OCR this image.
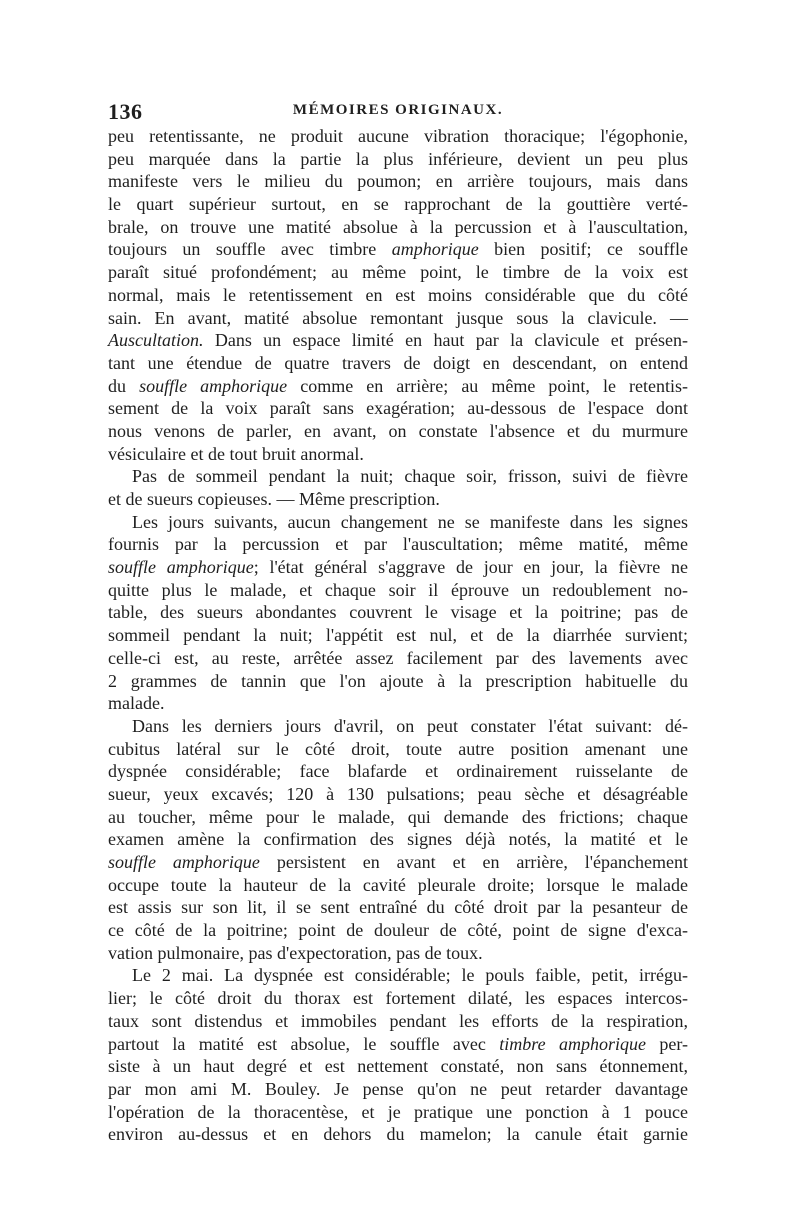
136	MÉMOIRES ORIGINAUX.
peu retentissante, ne produit aucune vibration thoracique; l'égophonie,
peu marquée dans la partie la plus inférieure, devient un peu plus
manifeste vers le milieu du poumon; en arrière toujours, mais dans
le quart supérieur surtout, en se rapprochant de la gouttière verté-
brale, on trouve une matité absolue à la percussion et à l'auscultation,
toujours un souffle avec timbre amphorique bien positif; ce souffle
paraît situé profondément; au même point, le timbre de la voix est
normal, mais le retentissement en est moins considérable que du côté
sain. En avant, matité absolue remontant jusque sous la clavicule. —
Auscultation. Dans un espace limité en haut par la clavicule et présen-
tant une étendue de quatre travers de doigt en descendant, on entend
du souffle amphorique comme en arrière; au même point, le retentis-
sement de la voix paraît sans exagération; au-dessous de l'espace dont
nous venons de parler, en avant, on constate l'absence et du murmure
vésiculaire et de tout bruit anormal.
Pas de sommeil pendant la nuit; chaque soir, frisson, suivi de fièvre
et de sueurs copieuses. — Même prescription.
Les jours suivants, aucun changement ne se manifeste dans les signes
fournis par la percussion et par l'auscultation; même matité, même
souffle amphorique; l'état général s'aggrave de jour en jour, la fièvre ne
quitte plus le malade, et chaque soir il éprouve un redoublement no-
table, des sueurs abondantes couvrent le visage et la poitrine; pas de
sommeil pendant la nuit; l'appétit est nul, et de la diarrhée survient;
celle-ci est, au reste, arrêtée assez facilement par des lavements avec
2 grammes de tannin que l'on ajoute à la prescription habituelle du
malade.
Dans les derniers jours d'avril, on peut constater l'état suivant: dé-
cubitus latéral sur le côté droit, toute autre position amenant une
dyspnée considérable; face blafarde et ordinairement ruisselante de
sueur, yeux excavés; 120 à 130 pulsations; peau sèche et désagréable
au toucher, même pour le malade, qui demande des frictions; chaque
examen amène la confirmation des signes déjà notés, la matité et le
souffle amphorique persistent en avant et en arrière, l'épanchement
occupe toute la hauteur de la cavité pleurale droite; lorsque le malade
est assis sur son lit, il se sent entraîné du côté droit par la pesanteur de
ce côté de la poitrine; point de douleur de côté, point de signe d'exca-
vation pulmonaire, pas d'expectoration, pas de toux.
Le 2 mai. La dyspnée est considérable; le pouls faible, petit, irrégu-
lier; le côté droit du thorax est fortement dilaté, les espaces intercos-
taux sont distendus et immobiles pendant les efforts de la respiration,
partout la matité est absolue, le souffle avec timbre amphorique per-
siste à un haut degré et est nettement constaté, non sans étonnement,
par mon ami M. Bouley. Je pense qu'on ne peut retarder davantage
l'opération de la thoracentèse, et je pratique une ponction à 1 pouce
environ au-dessus et en dehors du mamelon; la canule était garnie
